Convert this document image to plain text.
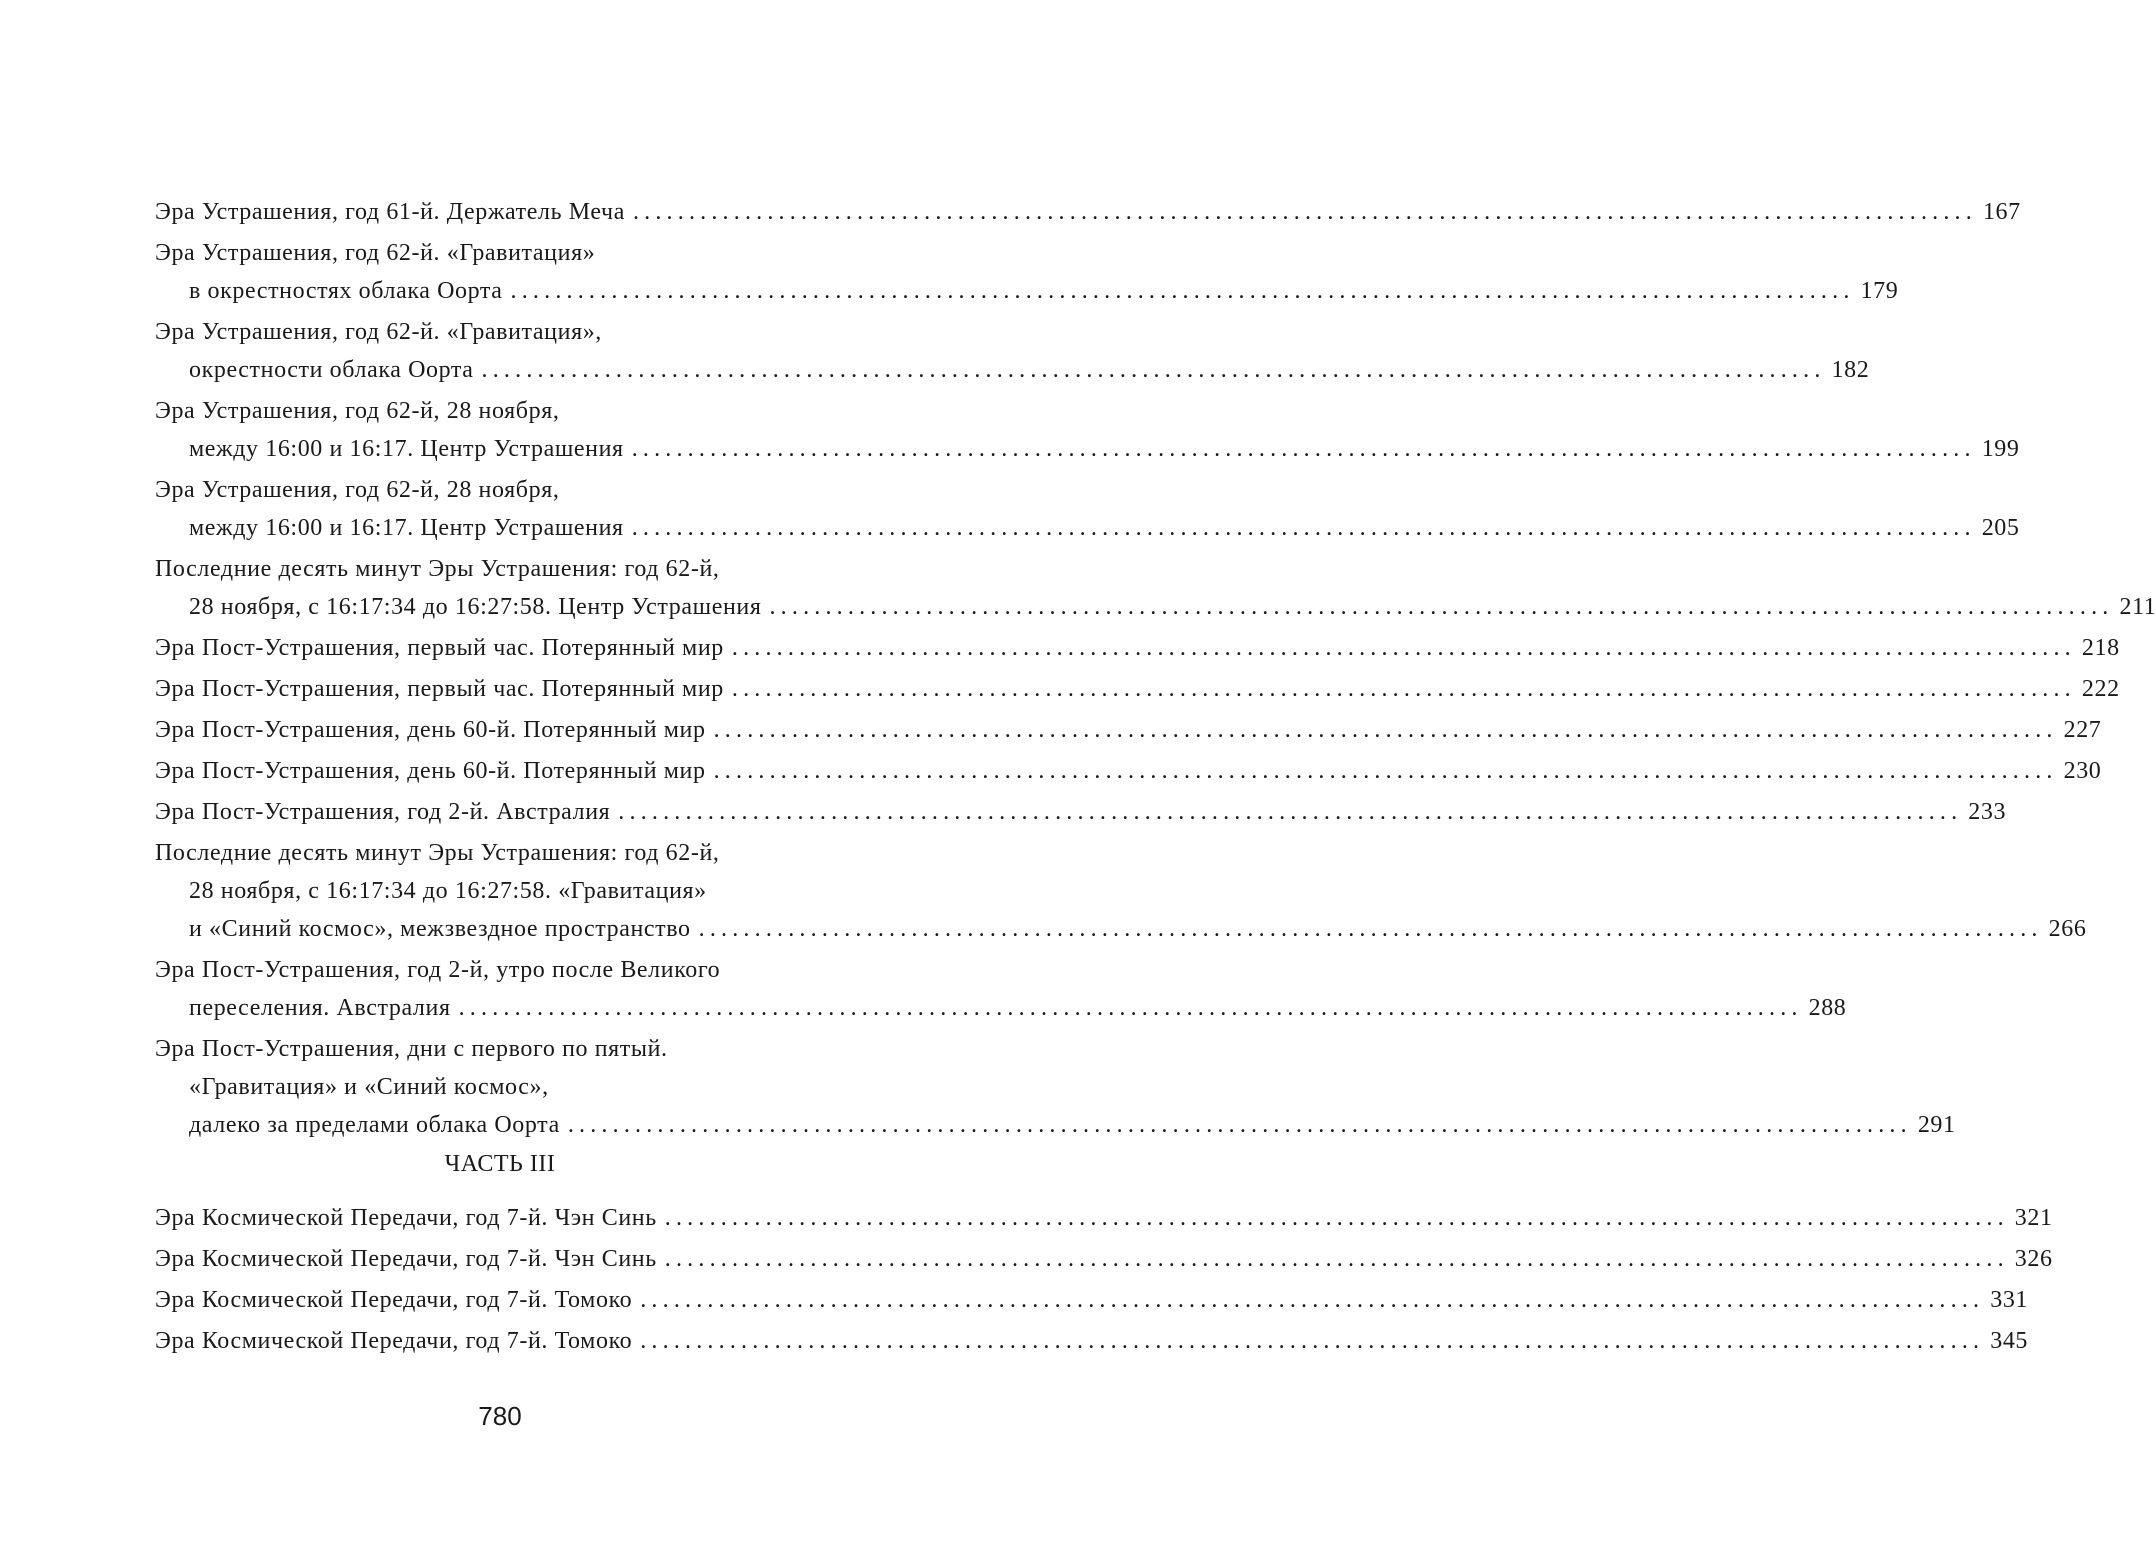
Эра Устрашения, год 61-й. Держатель Меча ........................................................................................................................ 167
Эра Устрашения, год 62-й. «Гравитация»
в окрестностях облака Оорта ........................................................................................................................ 179
Эра Устрашения, год 62-й. «Гравитация»,
окрестности облака Оорта ........................................................................................................................ 182
Эра Устрашения, год 62-й, 28 ноября,
между 16:00 и 16:17. Центр Устрашения ........................................................................................................................ 199
Эра Устрашения, год 62-й, 28 ноября,
между 16:00 и 16:17. Центр Устрашения ........................................................................................................................ 205
Последние десять минут Эры Устрашения: год 62-й,
28 ноября, с 16:17:34 до 16:27:58. Центр Устрашения ........................................................................................................................ 211
Эра Пост-Устрашения, первый час. Потерянный мир ........................................................................................................................ 218
Эра Пост-Устрашения, первый час. Потерянный мир ........................................................................................................................ 222
Эра Пост-Устрашения, день 60-й. Потерянный мир ........................................................................................................................ 227
Эра Пост-Устрашения, день 60-й. Потерянный мир ........................................................................................................................ 230
Эра Пост-Устрашения, год 2-й. Австралия ........................................................................................................................ 233
Последние десять минут Эры Устрашения: год 62-й,
28 ноября, с 16:17:34 до 16:27:58. «Гравитация»
и «Синий космос», межзвездное пространство ........................................................................................................................ 266
Эра Пост-Устрашения, год 2-й, утро после Великого
переселения. Австралия ........................................................................................................................ 288
Эра Пост-Устрашения, дни с первого по пятый.
«Гравитация» и «Синий космос»,
далеко за пределами облака Оорта ........................................................................................................................ 291
ЧАСТЬ III
Эра Космической Передачи, год 7-й. Чэн Синь ........................................................................................................................ 321
Эра Космической Передачи, год 7-й. Чэн Синь ........................................................................................................................ 326
Эра Космической Передачи, год 7-й. Томоко ........................................................................................................................ 331
Эра Космической Передачи, год 7-й. Томоко ........................................................................................................................ 345
780
